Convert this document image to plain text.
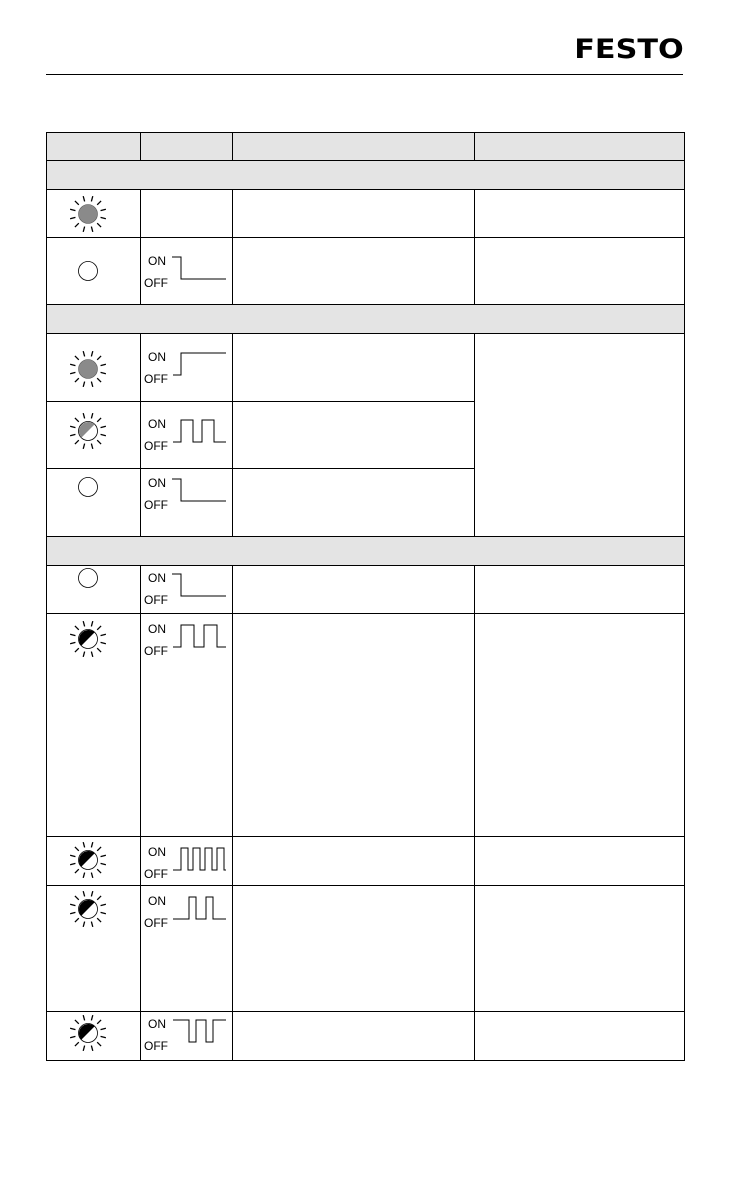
FESTO
ON
OFF
ON
OFF
ON
OFF
ON
OFF
ON
OFF
ON
OFF
ON
OFF
ON
OFF
ON
OFF
